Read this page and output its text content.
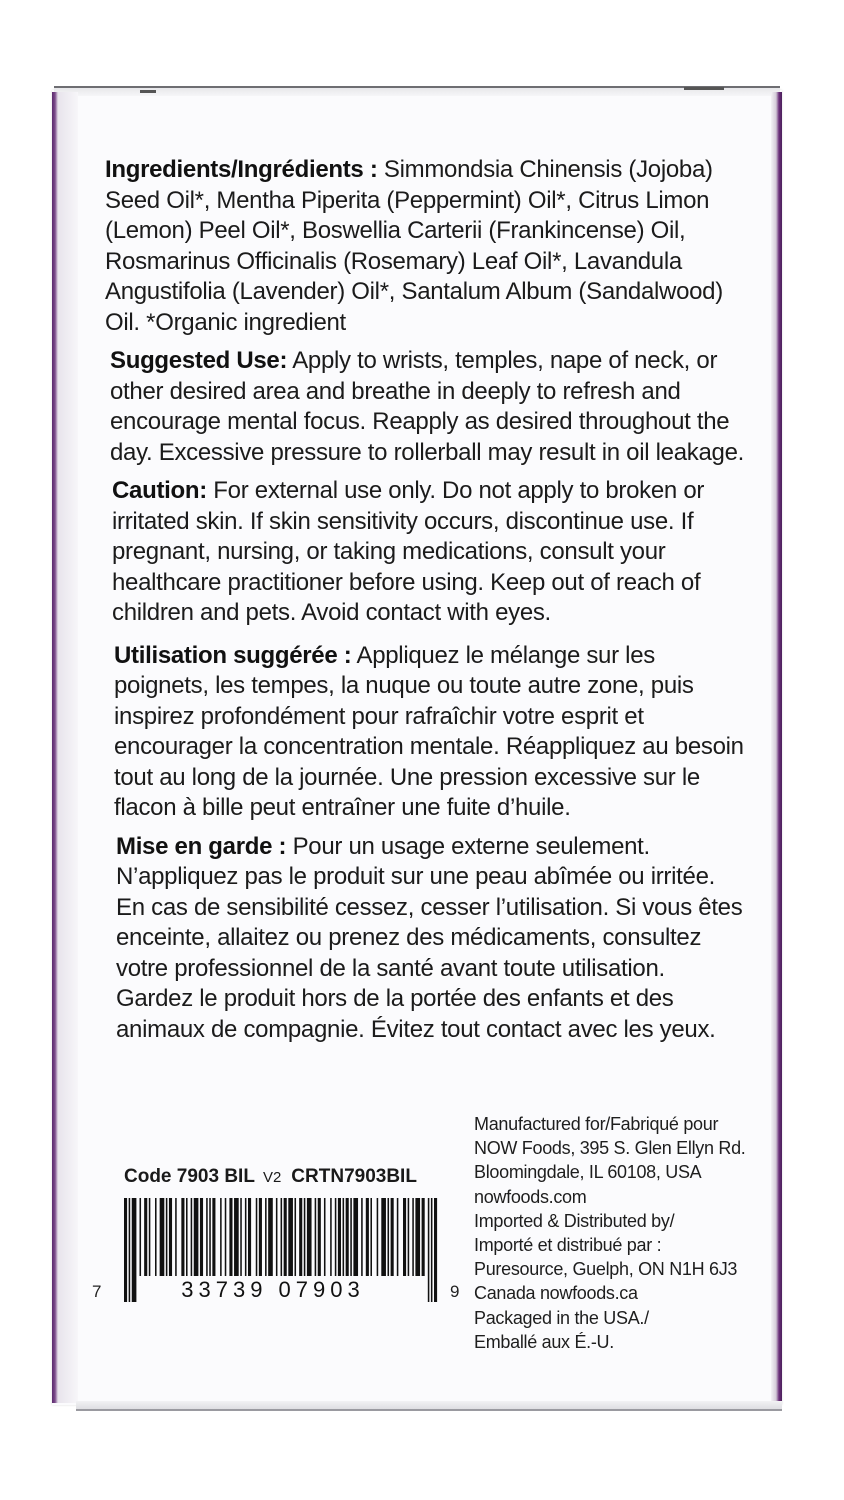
Ingredients/Ingrédients : Simmondsia Chinensis (Jojoba) Seed Oil*, Mentha Piperita (Peppermint) Oil*, Citrus Limon (Lemon) Peel Oil*, Boswellia Carterii (Frankincense) Oil, Rosmarinus Officinalis (Rosemary) Leaf Oil*, Lavandula Angustifolia (Lavender) Oil*, Santalum Album (Sandalwood) Oil. *Organic ingredient

Suggested Use: Apply to wrists, temples, nape of neck, or other desired area and breathe in deeply to refresh and encourage mental focus. Reapply as desired throughout the day. Excessive pressure to rollerball may result in oil leakage.

Caution: For external use only. Do not apply to broken or irritated skin. If skin sensitivity occurs, discontinue use. If pregnant, nursing, or taking medications, consult your healthcare practitioner before using. Keep out of reach of children and pets. Avoid contact with eyes.

Utilisation suggérée : Appliquez le mélange sur les poignets, les tempes, la nuque ou toute autre zone, puis inspirez profondément pour rafraîchir votre esprit et encourager la concentration mentale. Réappliquez au besoin tout au long de la journée. Une pression excessive sur le flacon à bille peut entraîner une fuite d’huile.

Mise en garde : Pour un usage externe seulement. N’appliquez pas le produit sur une peau abîmée ou irritée. En cas de sensibilité cessez, cesser l’utilisation. Si vous êtes enceinte, allaitez ou prenez des médicaments, consultez votre professionnel de la santé avant toute utilisation. Gardez le produit hors de la portée des enfants et des animaux de compagnie. Évitez tout contact avec les yeux.

Code 7903 BIL V2 CRTN7903BIL
33739 07903
7	9
Manufactured for/Fabriqué pour
NOW Foods, 395 S. Glen Ellyn Rd.
Bloomingdale, IL 60108, USA
nowfoods.com
Imported & Distributed by/
Importé et distribué par :
Puresource, Guelph, ON N1H 6J3
Canada nowfoods.ca
Packaged in the USA./
Emballé aux É.-U.
